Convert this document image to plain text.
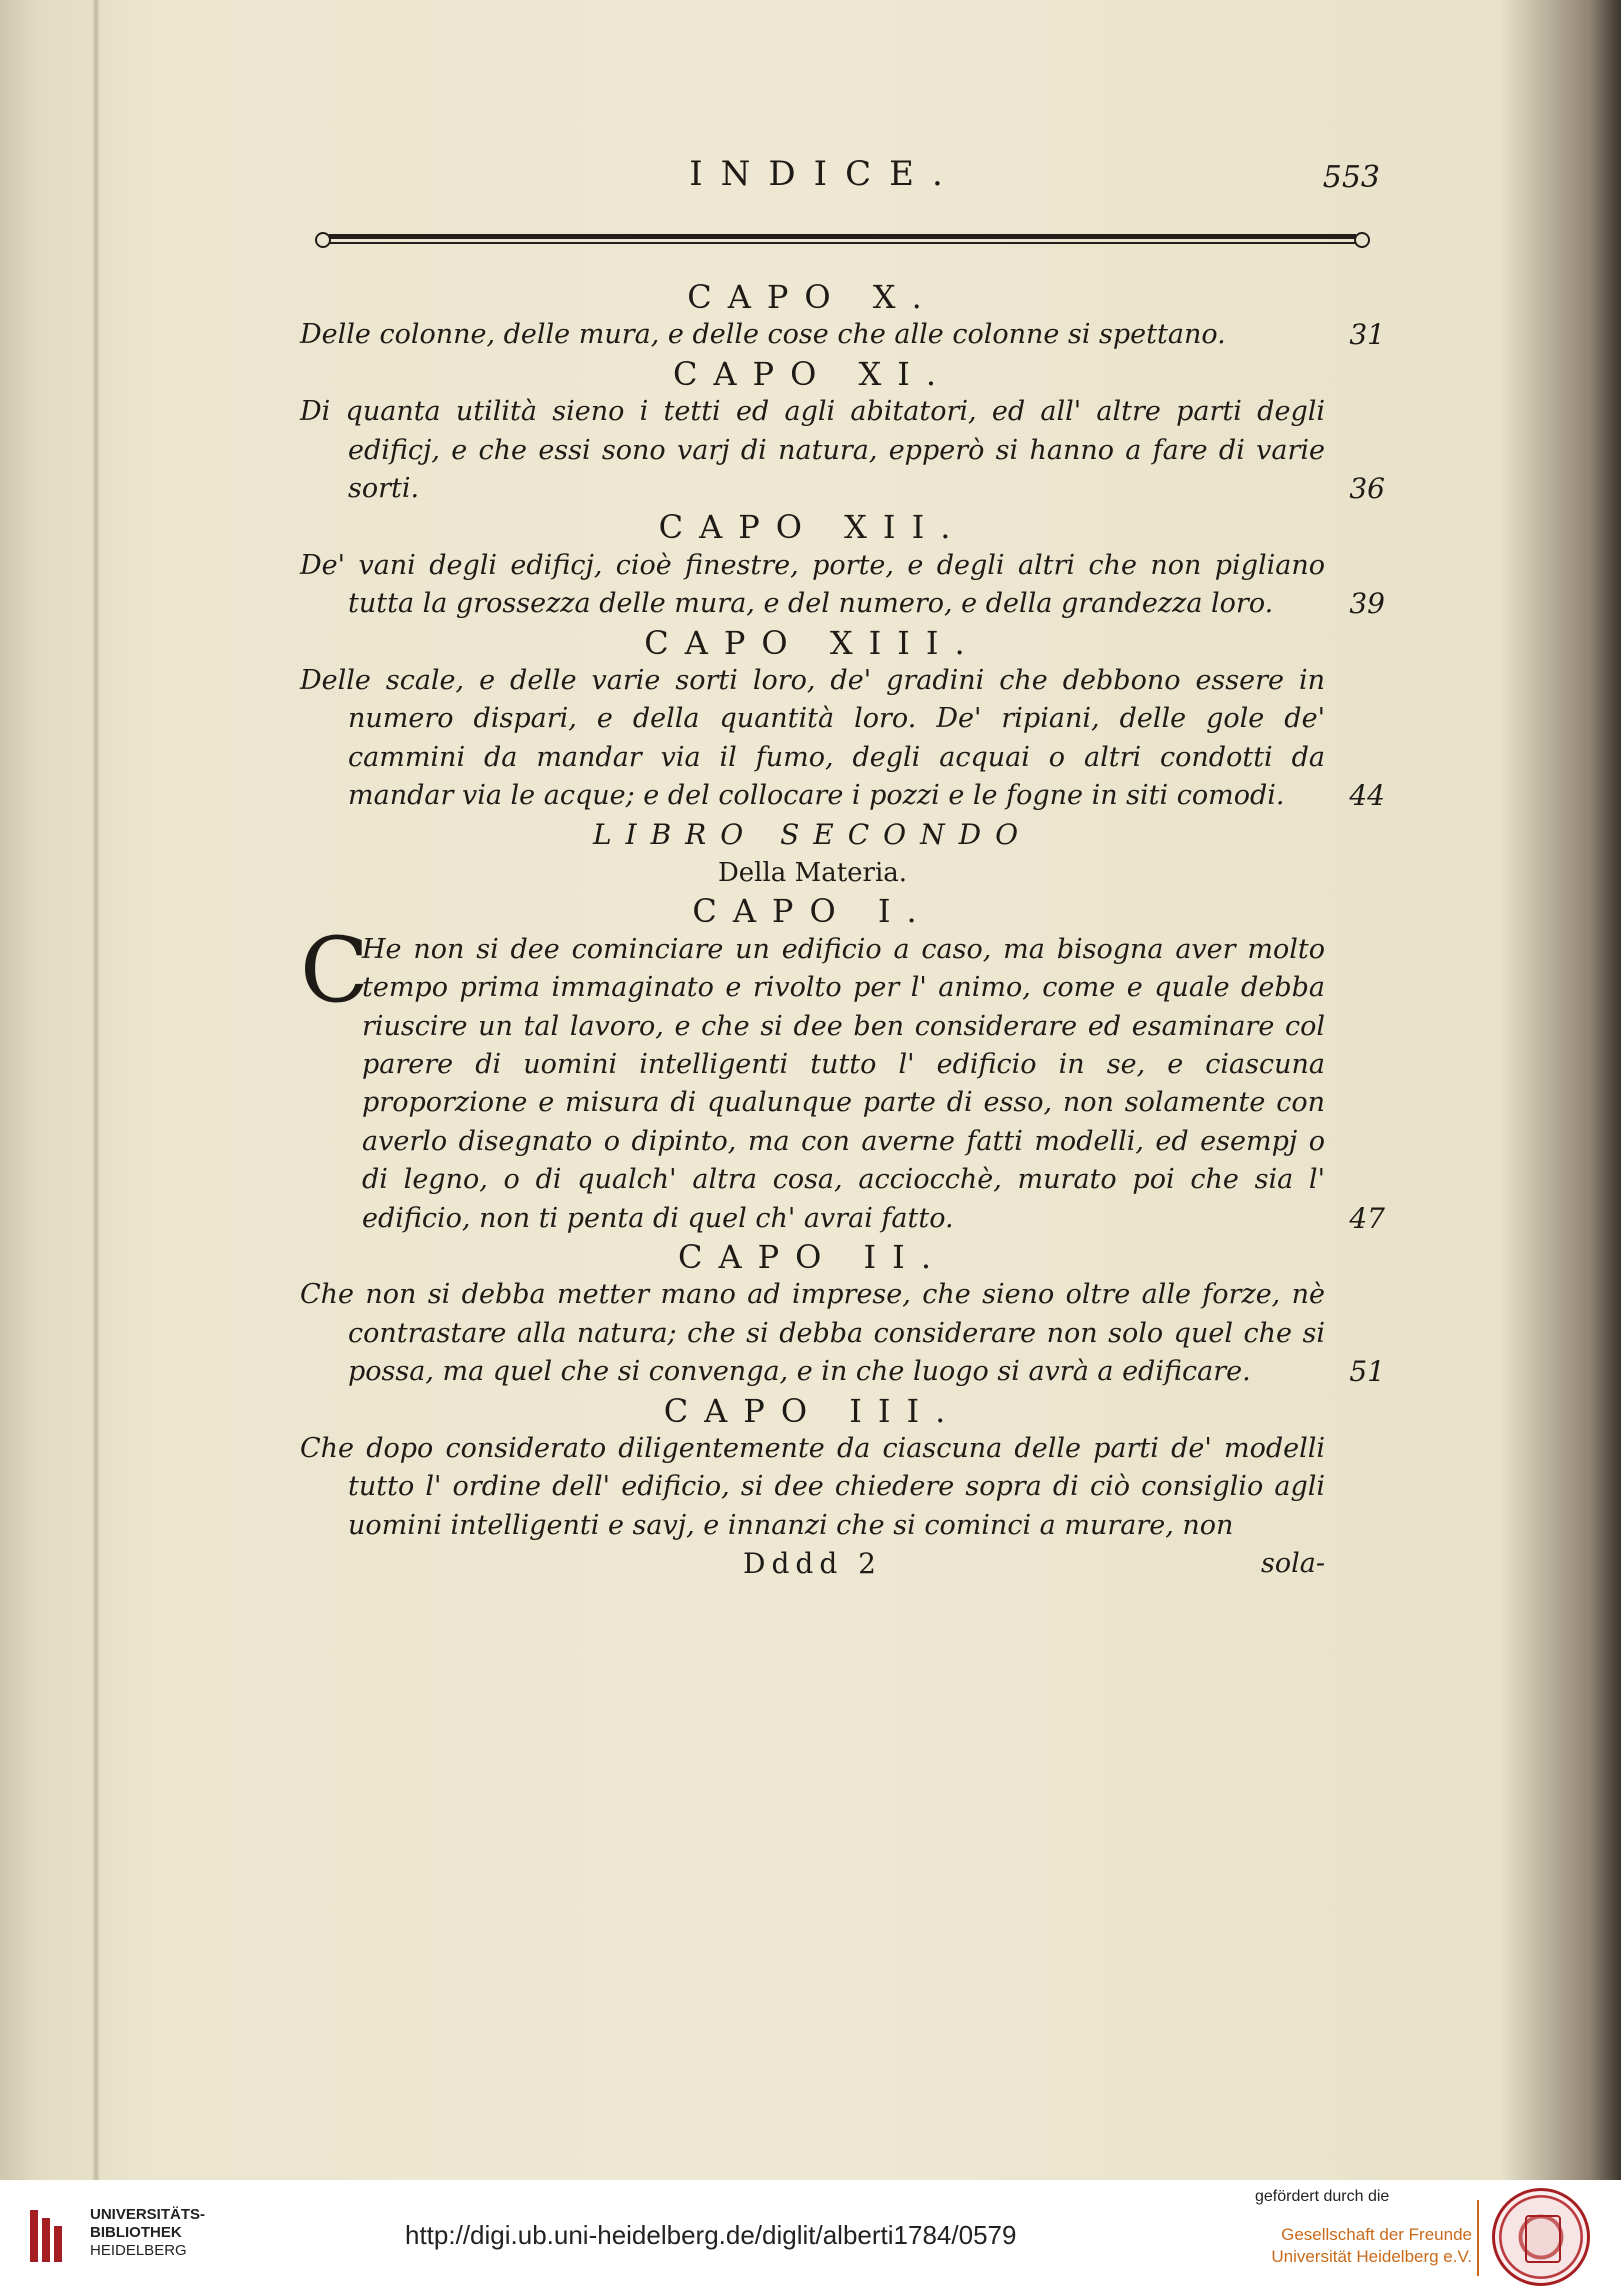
INDICE.	553
CAPO X.
Delle colonne, delle mura, e delle cose che alle colonne si spettano.	31
CAPO XI.
Di quanta utilità sieno i tetti ed agli abitatori, ed all' altre parti degli edificj, e che essi sono varj di natura, epperò si hanno a fare di varie sorti.	36
CAPO XII.
De' vani degli edificj, cioè finestre, porte, e degli altri che non pigliano tutta la grossezza delle mura, e del numero, e della grandezza loro.	39
CAPO XIII.
Delle scale, e delle varie sorti loro, de' gradini che debbono essere in numero dispari, e della quantità loro. De' ripiani, delle gole de' cammini da mandar via il fumo, degli acquai o altri condotti da mandar via le acque; e del collocare i pozzi e le fogne in siti comodi. 44
LIBRO SECONDO
Della Materia.
CAPO I.
C
He non si dee cominciare un edificio a caso, ma bisogna aver molto tempo prima immaginato e rivolto per l' animo, come e quale debba riuscire un tal lavoro, e che si dee ben considerare ed esaminare col parere di uomini intelligenti tutto l' edificio in se, e ciascuna proporzione e misura di qualunque parte di esso, non solamente con averlo disegnato o dipinto, ma con averne fatti modelli, ed esempj o di legno, o di qualch' altra cosa, acciocchè, murato poi che sia l' edificio, non ti penta di quel ch' avrai fatto.	47
CAPO II.
Che non si debba metter mano ad imprese, che sieno oltre alle forze, nè contrastare alla natura; che si debba considerare non solo quel che si possa, ma quel che si convenga, e in che luogo si avrà a edificare.	51
CAPO III.
Che dopo considerato diligentemente da ciascuna delle parti de' modelli tutto l' ordine dell' edificio, si dee chiedere sopra di ciò consiglio agli uomini intelligenti e savj, e innanzi che si cominci a murare, non
Dddd 2	sola-
UNIVERSITÄTS-
BIBLIOTHEK
HEIDELBERG
http://digi.ub.uni-heidelberg.de/diglit/alberti1784/0579
gefördert durch die
Gesellschaft der Freunde
Universität Heidelberg e.V.
